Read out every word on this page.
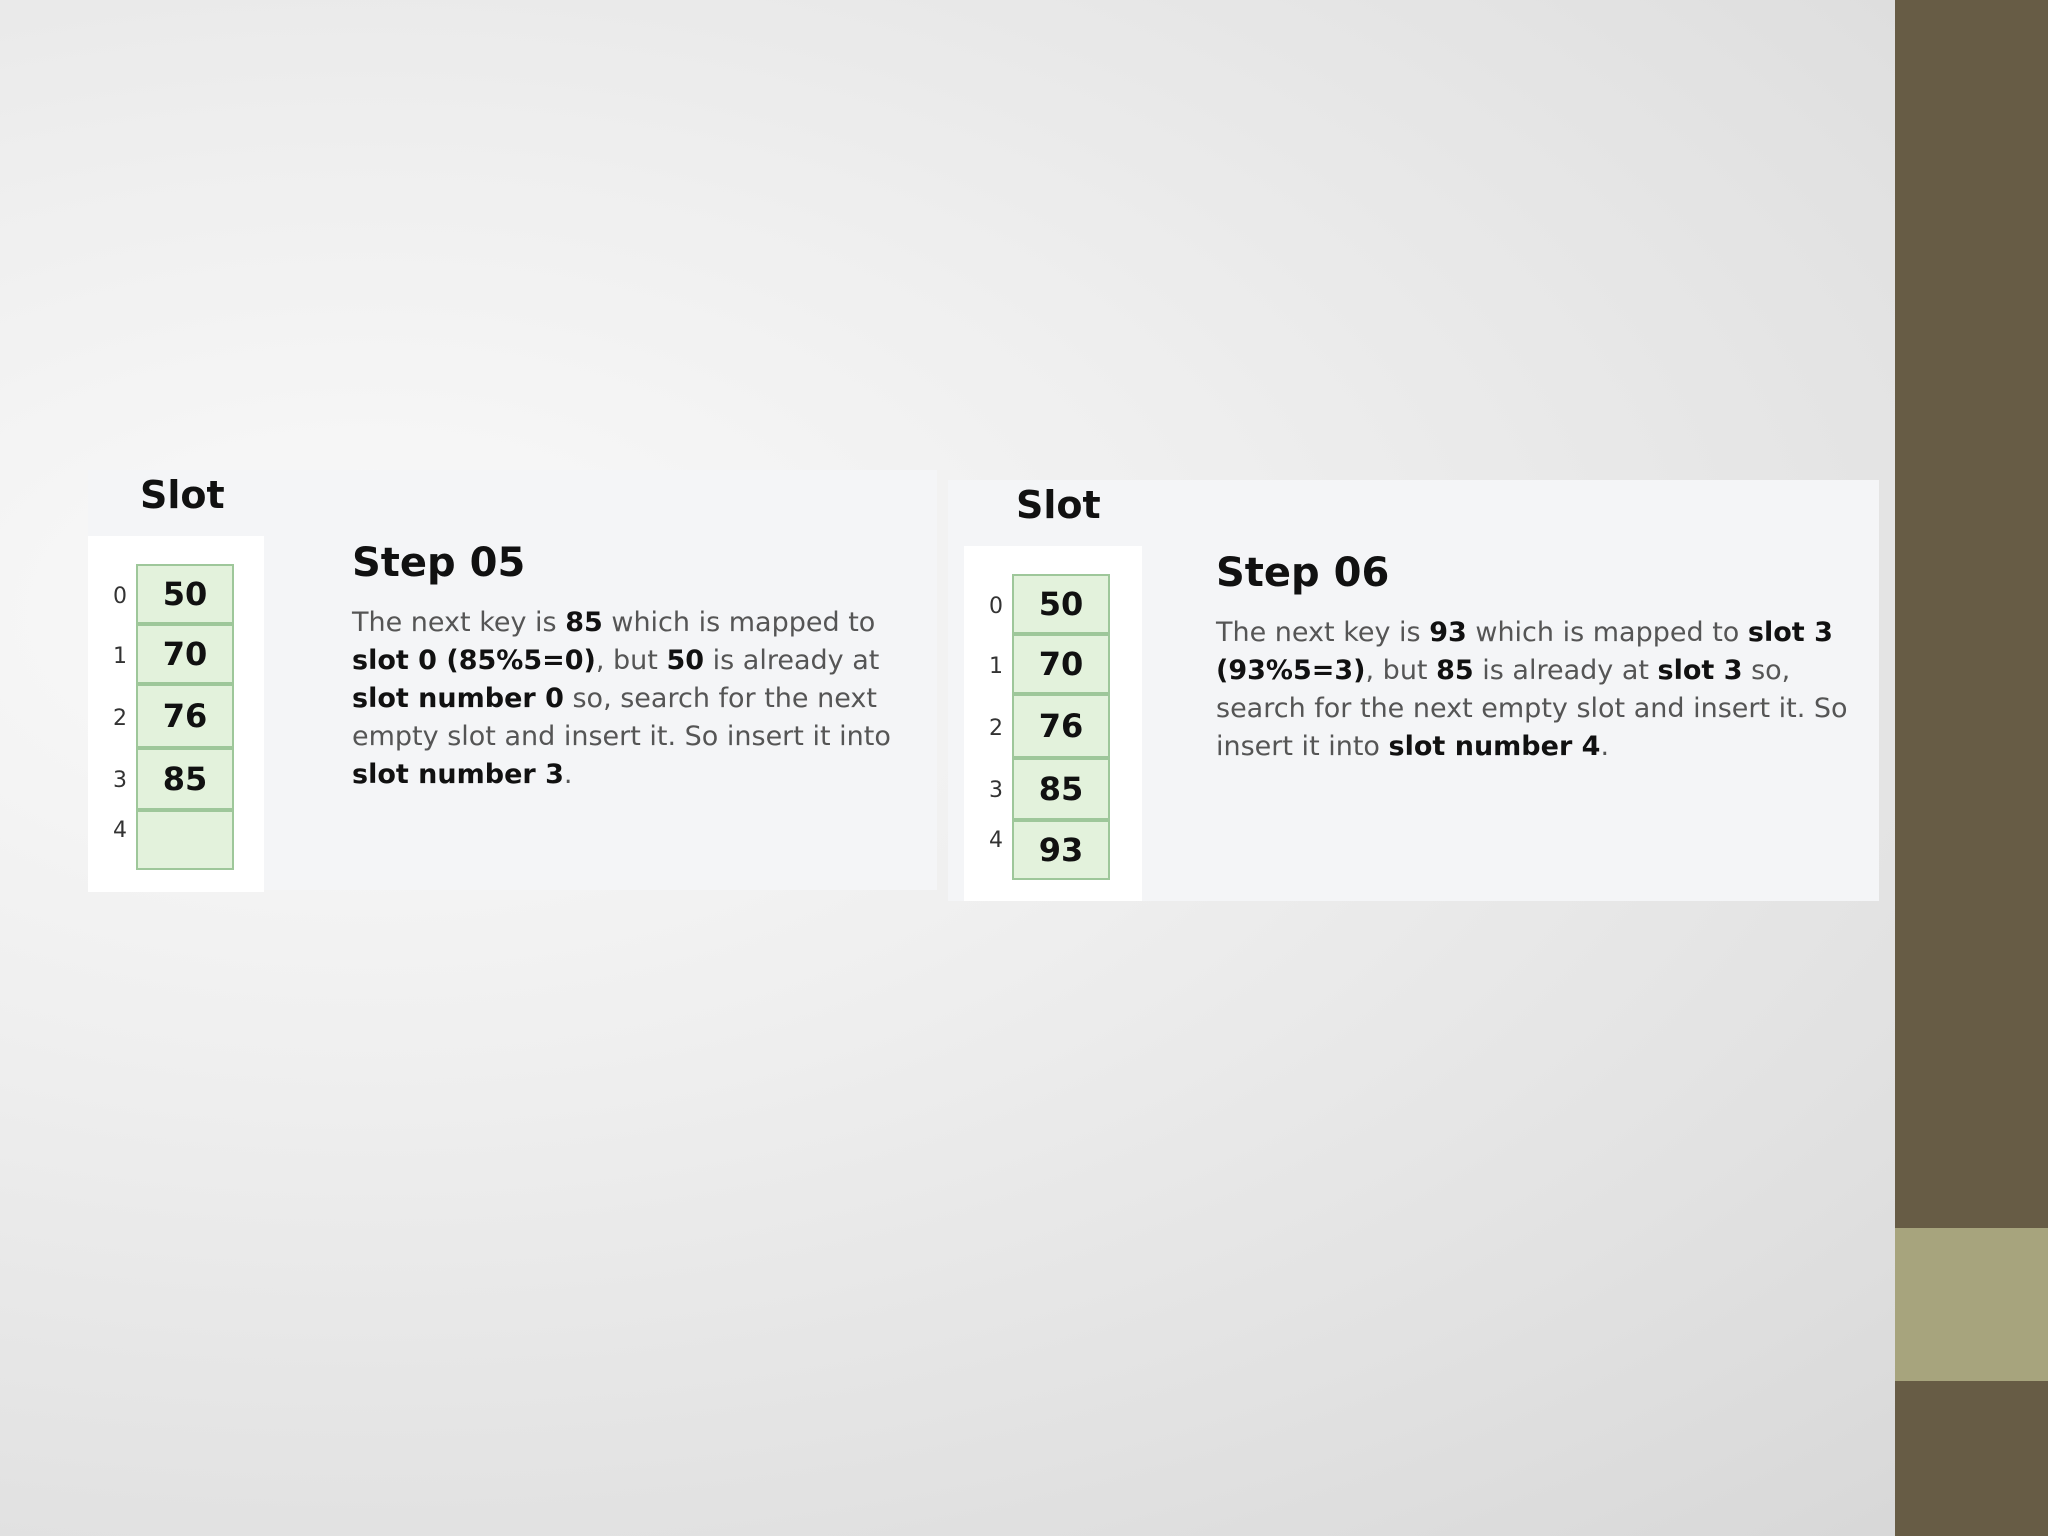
Slot
0	50
1	70
2	76
3	85
4
Step 05
The next key is 85 which is mapped to slot 0 (85%5=0), but 50 is already at slot number 0 so, search for the next empty slot and insert it. So insert it into slot number 3.
Slot
0	50
1	70
2	76
3	85
4	93
Step 06
The next key is 93 which is mapped to slot 3 (93%5=3), but 85 is already at slot 3 so, search for the next empty slot and insert it. So insert it into slot number 4.
